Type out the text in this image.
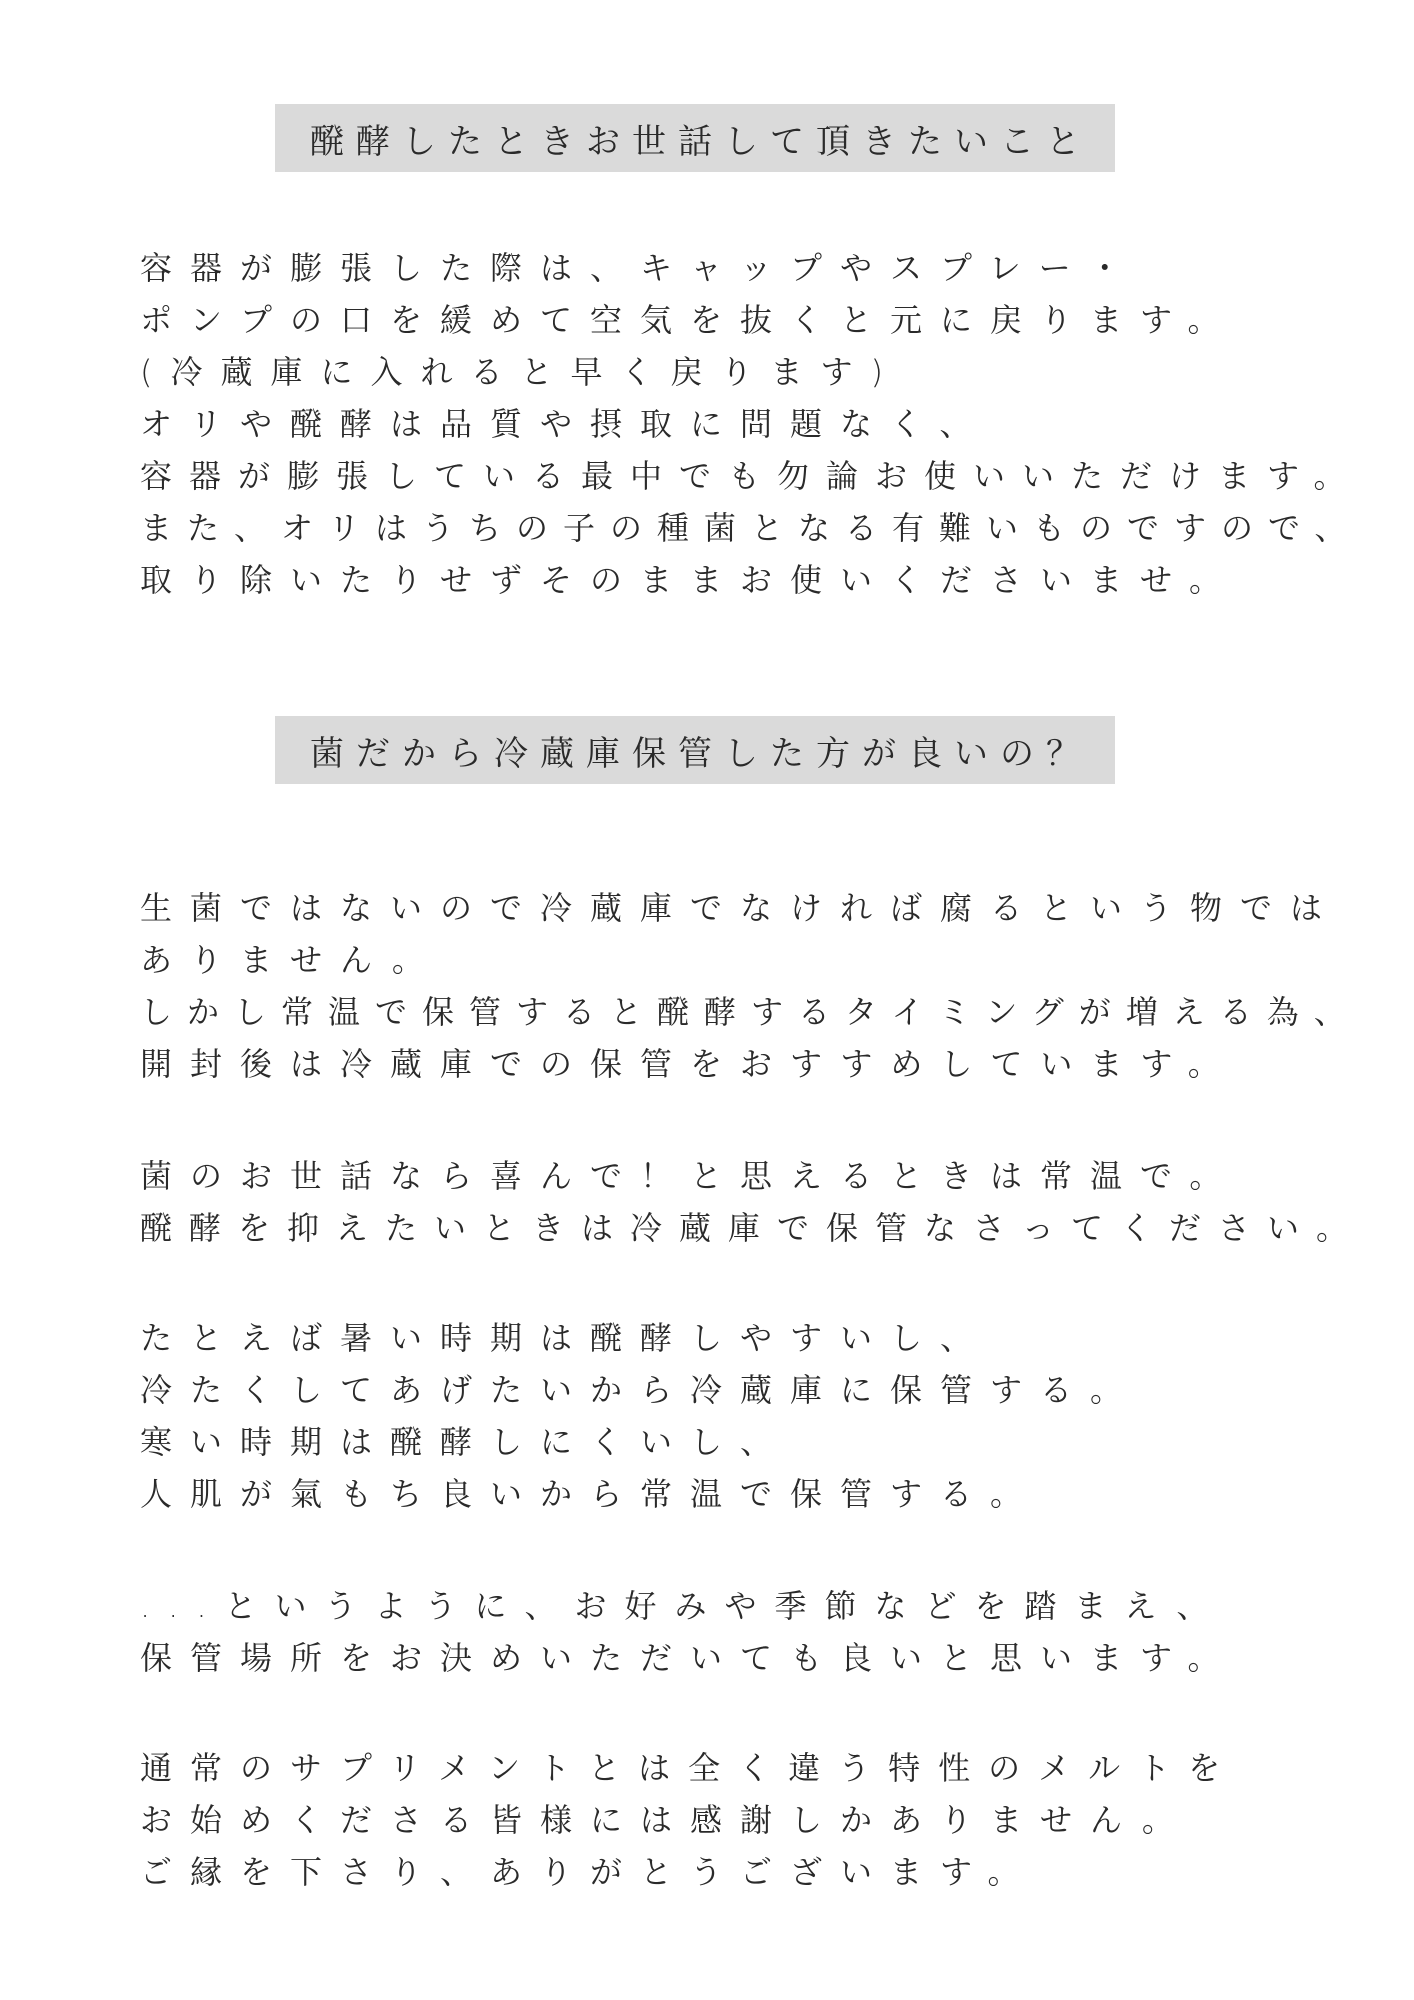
醗酵したときお世話して頂きたいこと
容器が膨張した際は、キャップやスプレー・
ポンプの口を緩めて空気を抜くと元に戻ります。
(冷蔵庫に入れると早く戻ります)
オリや醗酵は品質や摂取に問題なく、
容器が膨張している最中でも勿論お使いいただけます。
また、オリはうちの子の種菌となる有難いものですので、
取り除いたりせずそのままお使いくださいませ。
菌だから冷蔵庫保管した方が良いの？
生菌ではないので冷蔵庫でなければ腐るという物では
ありません。
しかし常温で保管すると醗酵するタイミングが増える為、
開封後は冷蔵庫での保管をおすすめしています。
菌のお世話なら喜んで！と思えるときは常温で。
醗酵を抑えたいときは冷蔵庫で保管なさってください。
たとえば暑い時期は醗酵しやすいし、
冷たくしてあげたいから冷蔵庫に保管する。
寒い時期は醗酵しにくいし、
人肌が氣もち良いから常温で保管する。
...というように、お好みや季節などを踏まえ、
保管場所をお決めいただいても良いと思います。
通常のサプリメントとは全く違う特性のメルトを
お始めくださる皆様には感謝しかありません。
ご縁を下さり、ありがとうございます。
